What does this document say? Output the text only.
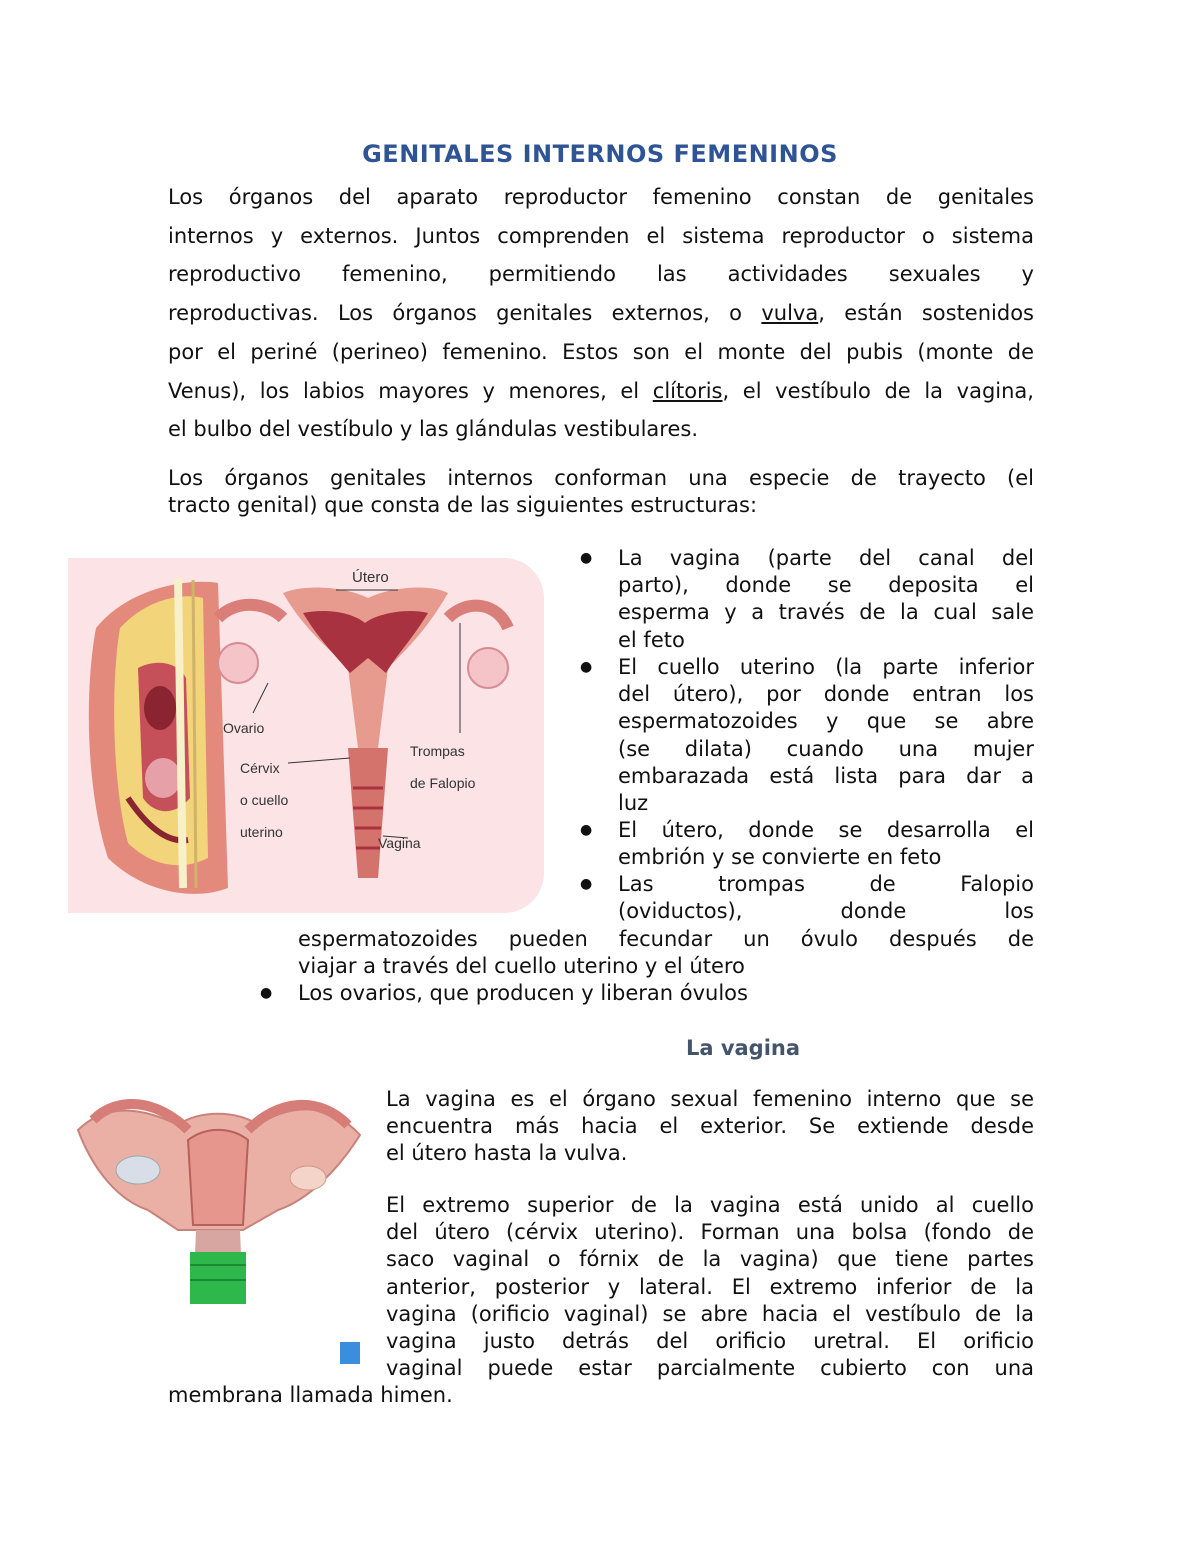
GENITALES INTERNOS FEMENINOS
Los órganos del aparato reproductor femenino constan de genitales
internos y externos. Juntos comprenden el sistema reproductor o sistema
reproductivo femenino, permitiendo las actividades sexuales y
reproductivas. Los órganos genitales externos, o vulva, están sostenidos
por el periné (perineo) femenino. Estos son el monte del pubis (monte de
Venus), los labios mayores y menores, el clítoris, el vestíbulo de la vagina,
el bulbo del vestíbulo y las glándulas vestibulares.
Los órganos genitales internos conforman una especie de trayecto (el
tracto genital) que consta de las siguientes estructuras:
Útero
Ovario
Cérvix
o cuello
uterino
Trompas
de Falopio
Vagina
● La vagina (parte del canal del
parto), donde se deposita el
esperma y a través de la cual sale
el feto
● El cuello uterino (la parte inferior
del útero), por donde entran los
espermatozoides y que se abre
(se dilata) cuando una mujer
embarazada está lista para dar a
luz
● El útero, donde se desarrolla el
embrión y se convierte en feto
● Las trompas de Falopio
(oviductos), donde los
espermatozoides pueden fecundar un óvulo después de
viajar a través del cuello uterino y el útero
● Los ovarios, que producen y liberan óvulos
La vagina
La vagina es el órgano sexual femenino interno que se
encuentra más hacia el exterior. Se extiende desde
el útero hasta la vulva.
El extremo superior de la vagina está unido al cuello
del útero (cérvix uterino). Forman una bolsa (fondo de
saco vaginal o fórnix de la vagina) que tiene partes
anterior, posterior y lateral. El extremo inferior de la
vagina (orificio vaginal) se abre hacia el vestíbulo de la
vagina justo detrás del orificio uretral. El orificio
vaginal puede estar parcialmente cubierto con una
membrana llamada himen.
